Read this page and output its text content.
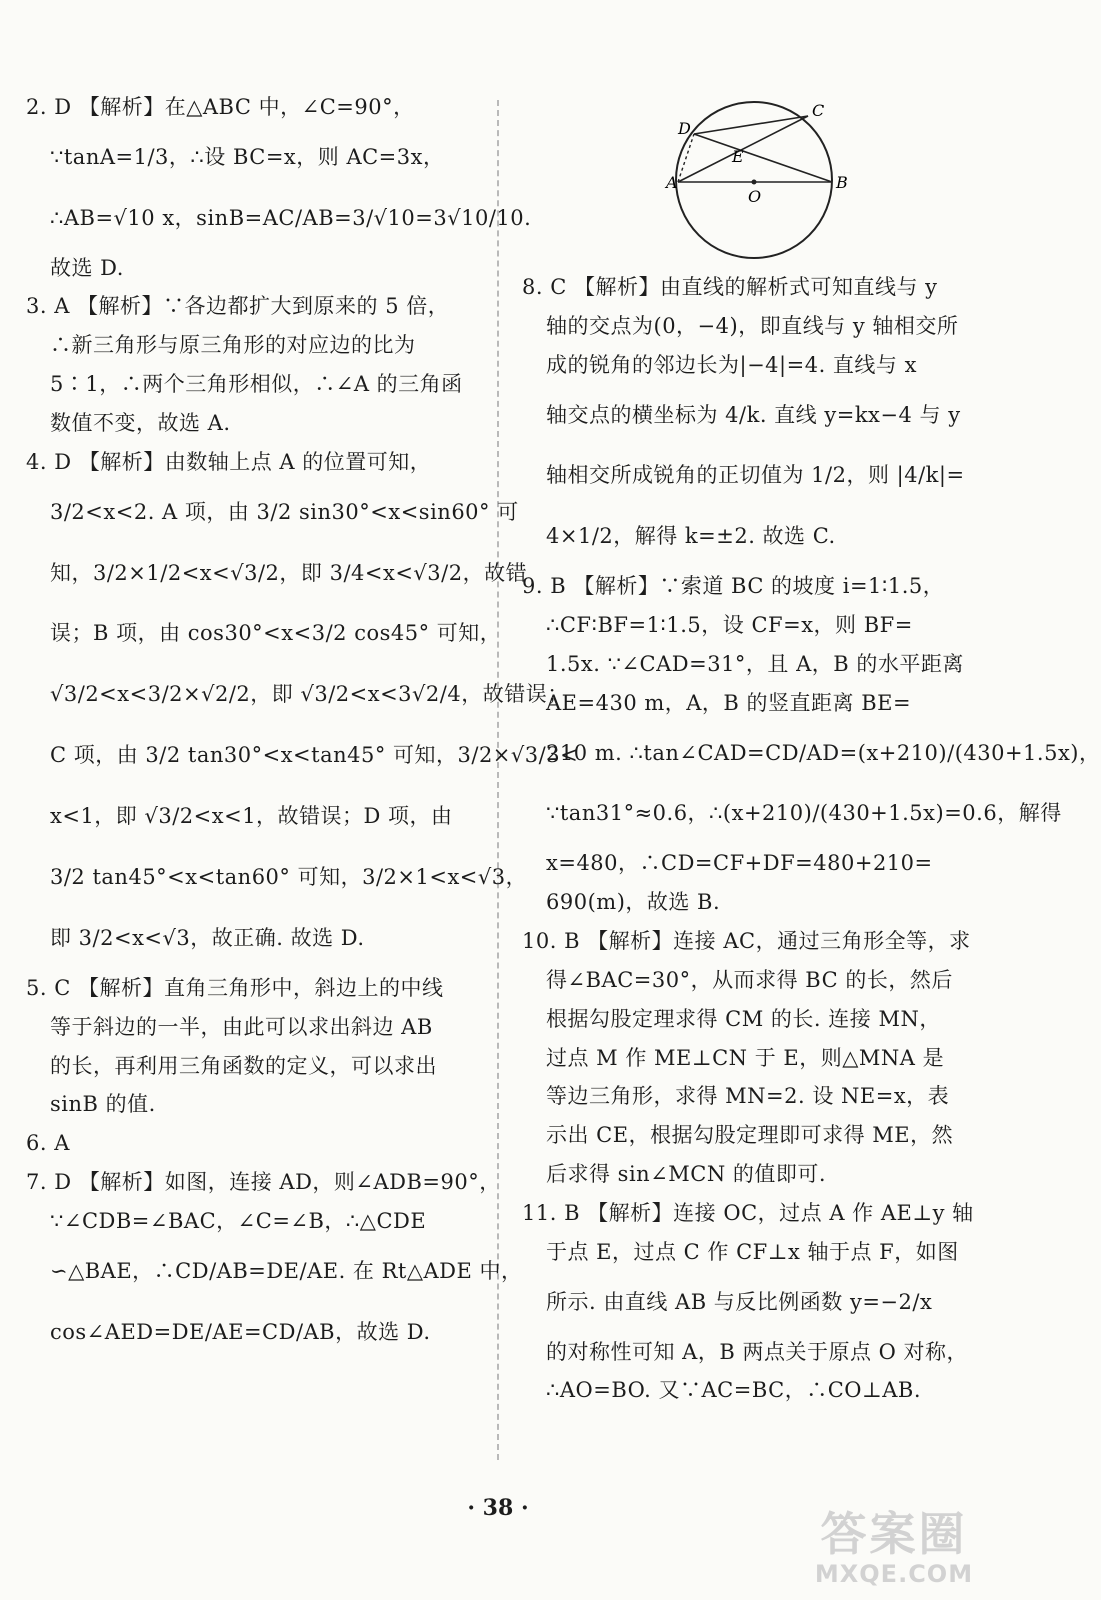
2. D 【解析】在△ABC 中，∠C=90°，
∵tanA=1/3，∴设 BC=x，则 AC=3x，
∴AB=√10 x，sinB=AC/AB=3/√10=3√10/10.
故选 D.
3. A 【解析】∵各边都扩大到原来的 5 倍，
∴新三角形与原三角形的对应边的比为
5∶1，∴两个三角形相似，∴∠A 的三角函
数值不变，故选 A.
4. D 【解析】由数轴上点 A 的位置可知，
3/2<x<2. A 项，由 3/2 sin30°<x<sin60° 可
知，3/2×1/2<x<√3/2，即 3/4<x<√3/2，故错
误；B 项，由 cos30°<x<3/2 cos45° 可知，
√3/2<x<3/2×√2/2，即 √3/2<x<3√2/4，故错误；
C 项，由 3/2 tan30°<x<tan45° 可知，3/2×√3/3<
x<1，即 √3/2<x<1，故错误；D 项，由
3/2 tan45°<x<tan60° 可知，3/2×1<x<√3，
即 3/2<x<√3，故正确. 故选 D.
5. C 【解析】直角三角形中，斜边上的中线
等于斜边的一半，由此可以求出斜边 AB
的长，再利用三角函数的定义，可以求出
sinB 的值.
6. A
7. D 【解析】如图，连接 AD，则∠ADB=90°，
∵∠CDB=∠BAC，∠C=∠B，∴△CDE
∽△BAE，∴CD/AB=DE/AE. 在 Rt△ADE 中，
cos∠AED=DE/AE=CD/AB，故选 D.
D
C
E
A
O
B
8. C 【解析】由直线的解析式可知直线与 y
轴的交点为(0，−4)，即直线与 y 轴相交所
成的锐角的邻边长为|−4|=4. 直线与 x
轴交点的横坐标为 4/k. 直线 y=kx−4 与 y
轴相交所成锐角的正切值为 1/2，则 |4/k|=
4×1/2，解得 k=±2. 故选 C.
9. B 【解析】∵索道 BC 的坡度 i=1∶1.5，
∴CF∶BF=1∶1.5，设 CF=x，则 BF=
1.5x. ∵∠CAD=31°，且 A，B 的水平距离
AE=430 m，A，B 的竖直距离 BE=
210 m. ∴tan∠CAD=CD/AD=(x+210)/(430+1.5x)，
∵tan31°≈0.6，∴(x+210)/(430+1.5x)=0.6，解得
x=480，∴CD=CF+DF=480+210=
690(m)，故选 B.
10. B 【解析】连接 AC，通过三角形全等，求
得∠BAC=30°，从而求得 BC 的长，然后
根据勾股定理求得 CM 的长. 连接 MN，
过点 M 作 ME⊥CN 于 E，则△MNA 是
等边三角形，求得 MN=2. 设 NE=x，表
示出 CE，根据勾股定理即可求得 ME，然
后求得 sin∠MCN 的值即可.
11. B 【解析】连接 OC，过点 A 作 AE⊥y 轴
于点 E，过点 C 作 CF⊥x 轴于点 F，如图
所示. 由直线 AB 与反比例函数 y=−2/x
的对称性可知 A，B 两点关于原点 O 对称，
∴AO=BO. 又∵AC=BC，∴CO⊥AB.
· 38 ·	答案圈
MXQE.COM
